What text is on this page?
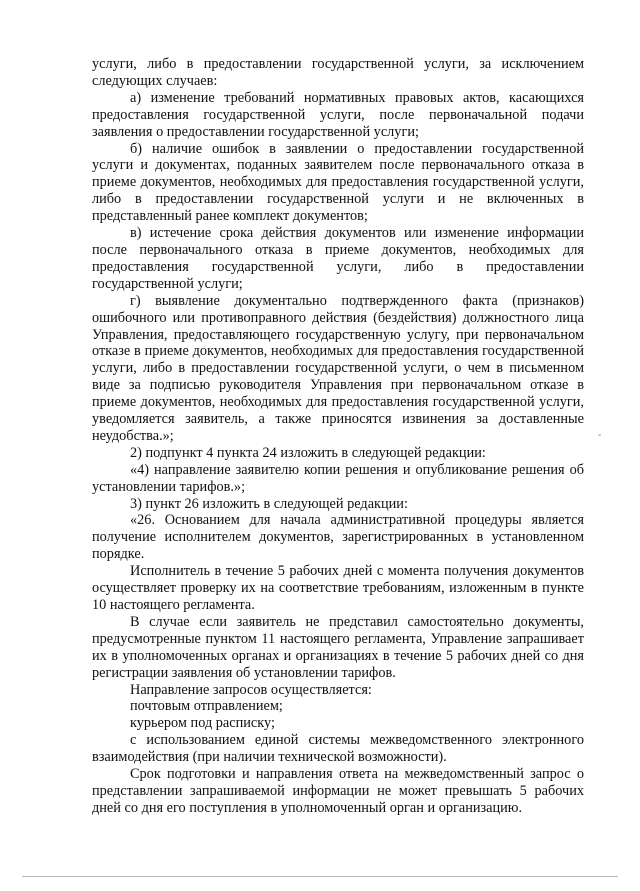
услуги, либо в предоставлении государственной услуги, за исключением следующих случаев:

а) изменение требований нормативных правовых актов, касающихся предоставления государственной услуги, после первоначальной подачи заявления о предоставлении государственной услуги;

б) наличие ошибок в заявлении о предоставлении государственной услуги и документах, поданных заявителем после первоначального отказа в приеме документов, необходимых для предоставления государственной услуги, либо в предоставлении государственной услуги и не включенных в представленный ранее комплект документов;

в) истечение срока действия документов или изменение информации после первоначального отказа в приеме документов, необходимых для предоставления государственной услуги, либо в предоставлении государственной услуги;

г) выявление документально подтвержденного факта (признаков) ошибочного или противоправного действия (бездействия) должностного лица Управления, предоставляющего государственную услугу, при первоначальном отказе в приеме документов, необходимых для предоставления государственной услуги, либо в предоставлении государственной услуги, о чем в письменном виде за подписью руководителя Управления при первоначальном отказе в приеме документов, необходимых для предоставления государственной услуги, уведомляется заявитель, а также приносятся извинения за доставленные неудобства.»;

2) подпункт 4 пункта 24 изложить в следующей редакции:

«4) направление заявителю копии решения и опубликование решения об установлении тарифов.»;

3) пункт 26 изложить в следующей редакции:

«26. Основанием для начала административной процедуры является получение исполнителем документов, зарегистрированных в установленном порядке.

Исполнитель в течение 5 рабочих дней с момента получения документов осуществляет проверку их на соответствие требованиям, изложенным в пункте 10 настоящего регламента.

В случае если заявитель не представил самостоятельно документы, предусмотренные пунктом 11 настоящего регламента, Управление запрашивает их в уполномоченных органах и организациях в течение 5 рабочих дней со дня регистрации заявления об установлении тарифов.

Направление запросов осуществляется:

почтовым отправлением;

курьером под расписку;

с использованием единой системы межведомственного электронного взаимодействия (при наличии технической возможности).

Срок подготовки и направления ответа на межведомственный запрос о представлении запрашиваемой информации не может превышать 5 рабочих дней со дня его поступления в уполномоченный орган и организацию.
